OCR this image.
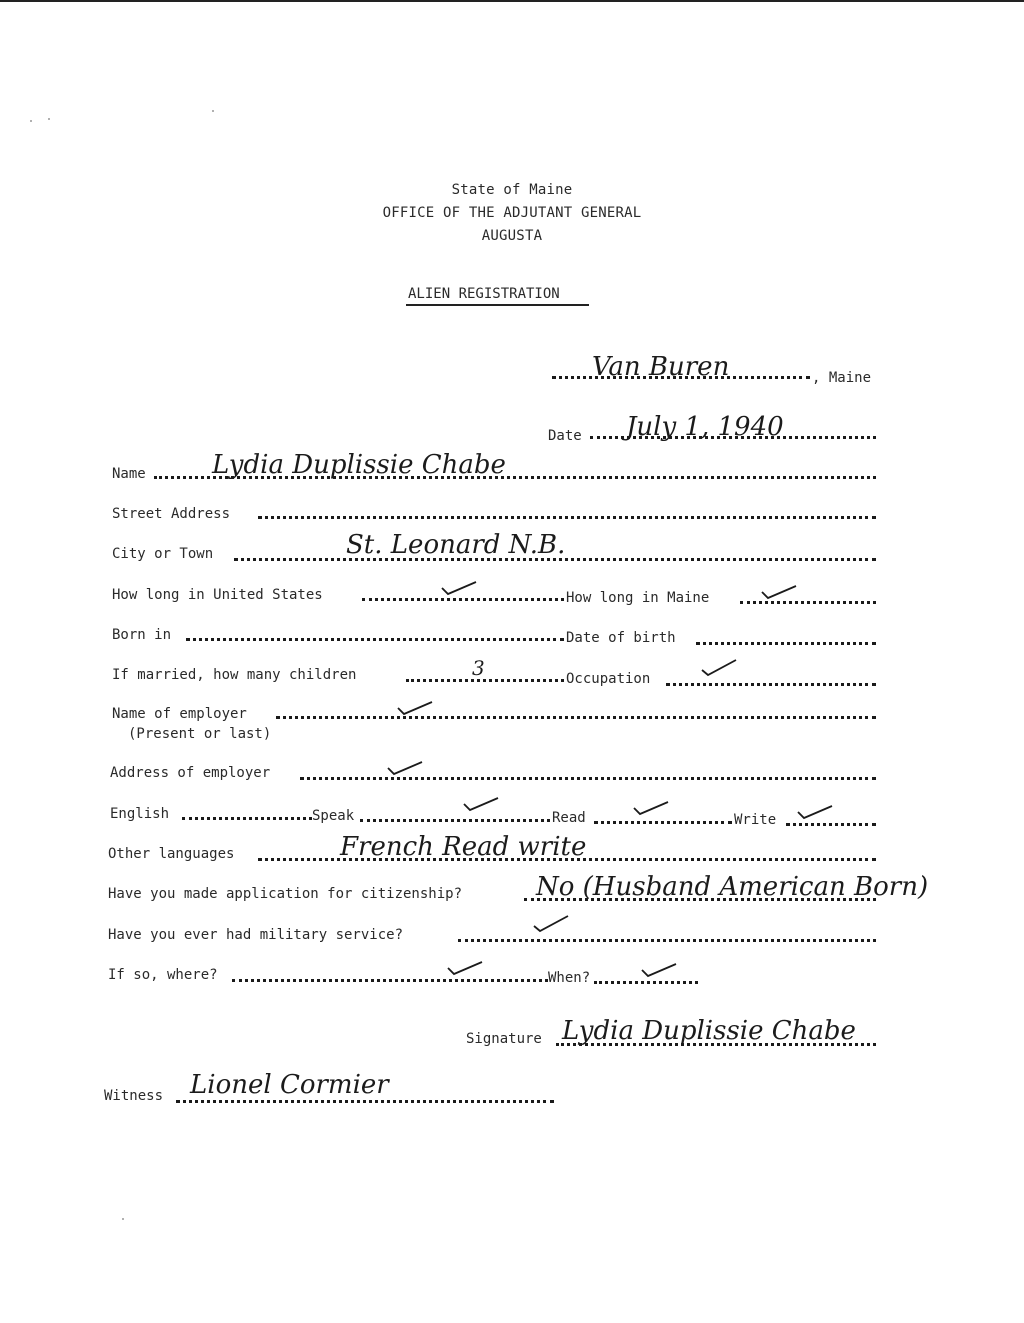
State of Maine
OFFICE OF THE ADJUTANT GENERAL
AUGUSTA
ALIEN REGISTRATION
Van Buren	, Maine
Date July 1, 1940
Name	Lydia Duplissie Chabe
Street Address
City or Town	St. Leonard N.B.
How long in United States	How long in Maine
Born in	Date of birth
If married, how many children	3	Occupation
Name of employer
(Present or last)
Address of employer
English	Speak	Read	Write
Other languages	French Read write
Have you made application for citizenship?	No (Husband American Born)
Have you ever had military service?
If so, where?	When?
Signature Lydia Duplissie Chabe
Witness Lionel Cormier
